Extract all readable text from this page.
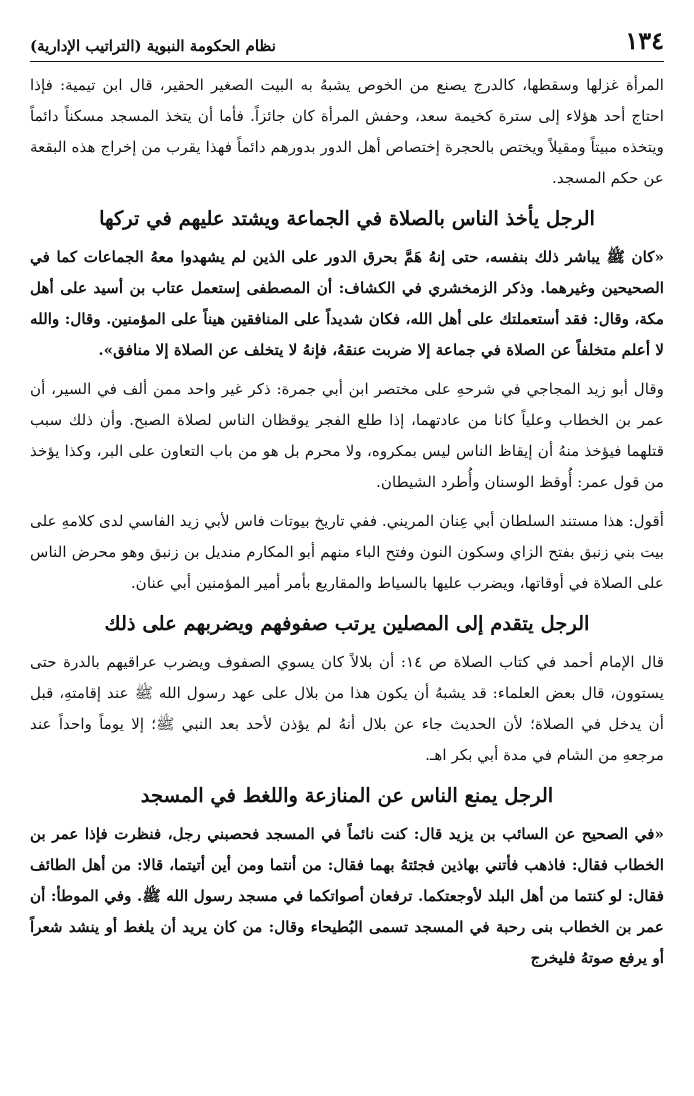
١٣٤
نظام الحكومة النبوية (التراتيب الإدارية)

المرأة غزلها وسقطها، كالدرج يصنع من الخوص يشبهُ به البيت الصغير الحقير، قال ابن تيمية: فإذا احتاج أحد هؤلاء إلى سترة كخيمة سعد، وحفش المرأة كان جائزاً. فأما أن يتخذ المسجد مسكناً دائماً ويتخذه مبيتاً ومقيلاً ويختص بالحجرة إختصاص أهل الدور بدورهم دائماً فهذا يقرب من إخراج هذه البقعة عن حكم المسجد.

الرجل يأخذ الناس بالصلاة في الجماعة ويشتد عليهم في تركها

«كان ﷺ يباشر ذلك بنفسه، حتى إنهُ هَمَّ بحرق الدور على الذين لم يشهدوا معهُ الجماعات كما في الصحيحين وغيرهما. وذكر الزمخشري في الكشاف: أن المصطفى إستعمل عتاب بن أسيد على أهل مكة، وقال: فقد أستعملتك على أهل الله، فكان شديداً على المنافقين هيناً على المؤمنين. وقال: والله لا أعلم متخلفاً عن الصلاة في جماعة إلا ضربت عنقهُ، فإنهُ لا يتخلف عن الصلاة إلا منافق».

وقال أبو زيد المجاجي في شرحهِ على مختصر ابن أبي جمرة: ذكر غير واحد ممن ألف في السير، أن عمر بن الخطاب وعلياً كانا من عادتهما، إذا طلع الفجر يوقظان الناس لصلاة الصبح. وأن ذلك سبب قتلهما فيؤخذ منهُ أن إيقاظ الناس ليس بمكروه، ولا محرم بل هو من باب التعاون على البر، وكذا يؤخذ من قول عمر: أُوقظ الوسنان وأُطرد الشيطان.

أقول: هذا مستند السلطان أبي عِنان المريني. ففي تاريخ بيوتات فاس لأبي زيد الفاسي لدى كلامهِ على بيت بني زنبق بفتح الزاي وسكون النون وفتح الباء منهم أبو المكارم منديل بن زنبق وهو محرض الناس على الصلاة في أوقاتها، ويضرب عليها بالسياط والمقاريع بأمر أمير المؤمنين أبي عنان.

الرجل يتقدم إلى المصلين يرتب صفوفهم ويضربهم على ذلك

قال الإمام أحمد في كتاب الصلاة ص ١٤: أن بلالاً كان يسوي الصفوف ويضرب عراقيهم بالدرة حتى يستوون، قال بعض العلماء: قد يشبهُ أن يكون هذا من بلال على عهد رسول الله ﷺ عند إقامتهِ، قبل أن يدخل في الصلاة؛ لأن الحديث جاء عن بلال أنهُ لم يؤذن لأحد بعد النبي ﷺ؛ إلا يوماً واحداً عند مرجعهِ من الشام في مدة أبي بكر اهـ.

الرجل يمنع الناس عن المنازعة واللغط في المسجد

«في الصحيح عن السائب بن يزيد قال: كنت نائماً في المسجد فحصبني رجل، فنظرت فإذا عمر بن الخطاب فقال: فاذهب فأتني بهاذين فجئتهُ بهما فقال: من أنتما ومن أين أتيتما، قالا: من أهل الطائف فقال: لو كنتما من أهل البلد لأوجعتكما. ترفعان أصواتكما في مسجد رسول الله ﷺ. وفي الموطأ: أن عمر بن الخطاب بنى رحبة في المسجد تسمى البُطيحاء وقال: من كان يريد أن يلغط أو ينشد شعراً أو يرفع صوتهُ فليخرج
